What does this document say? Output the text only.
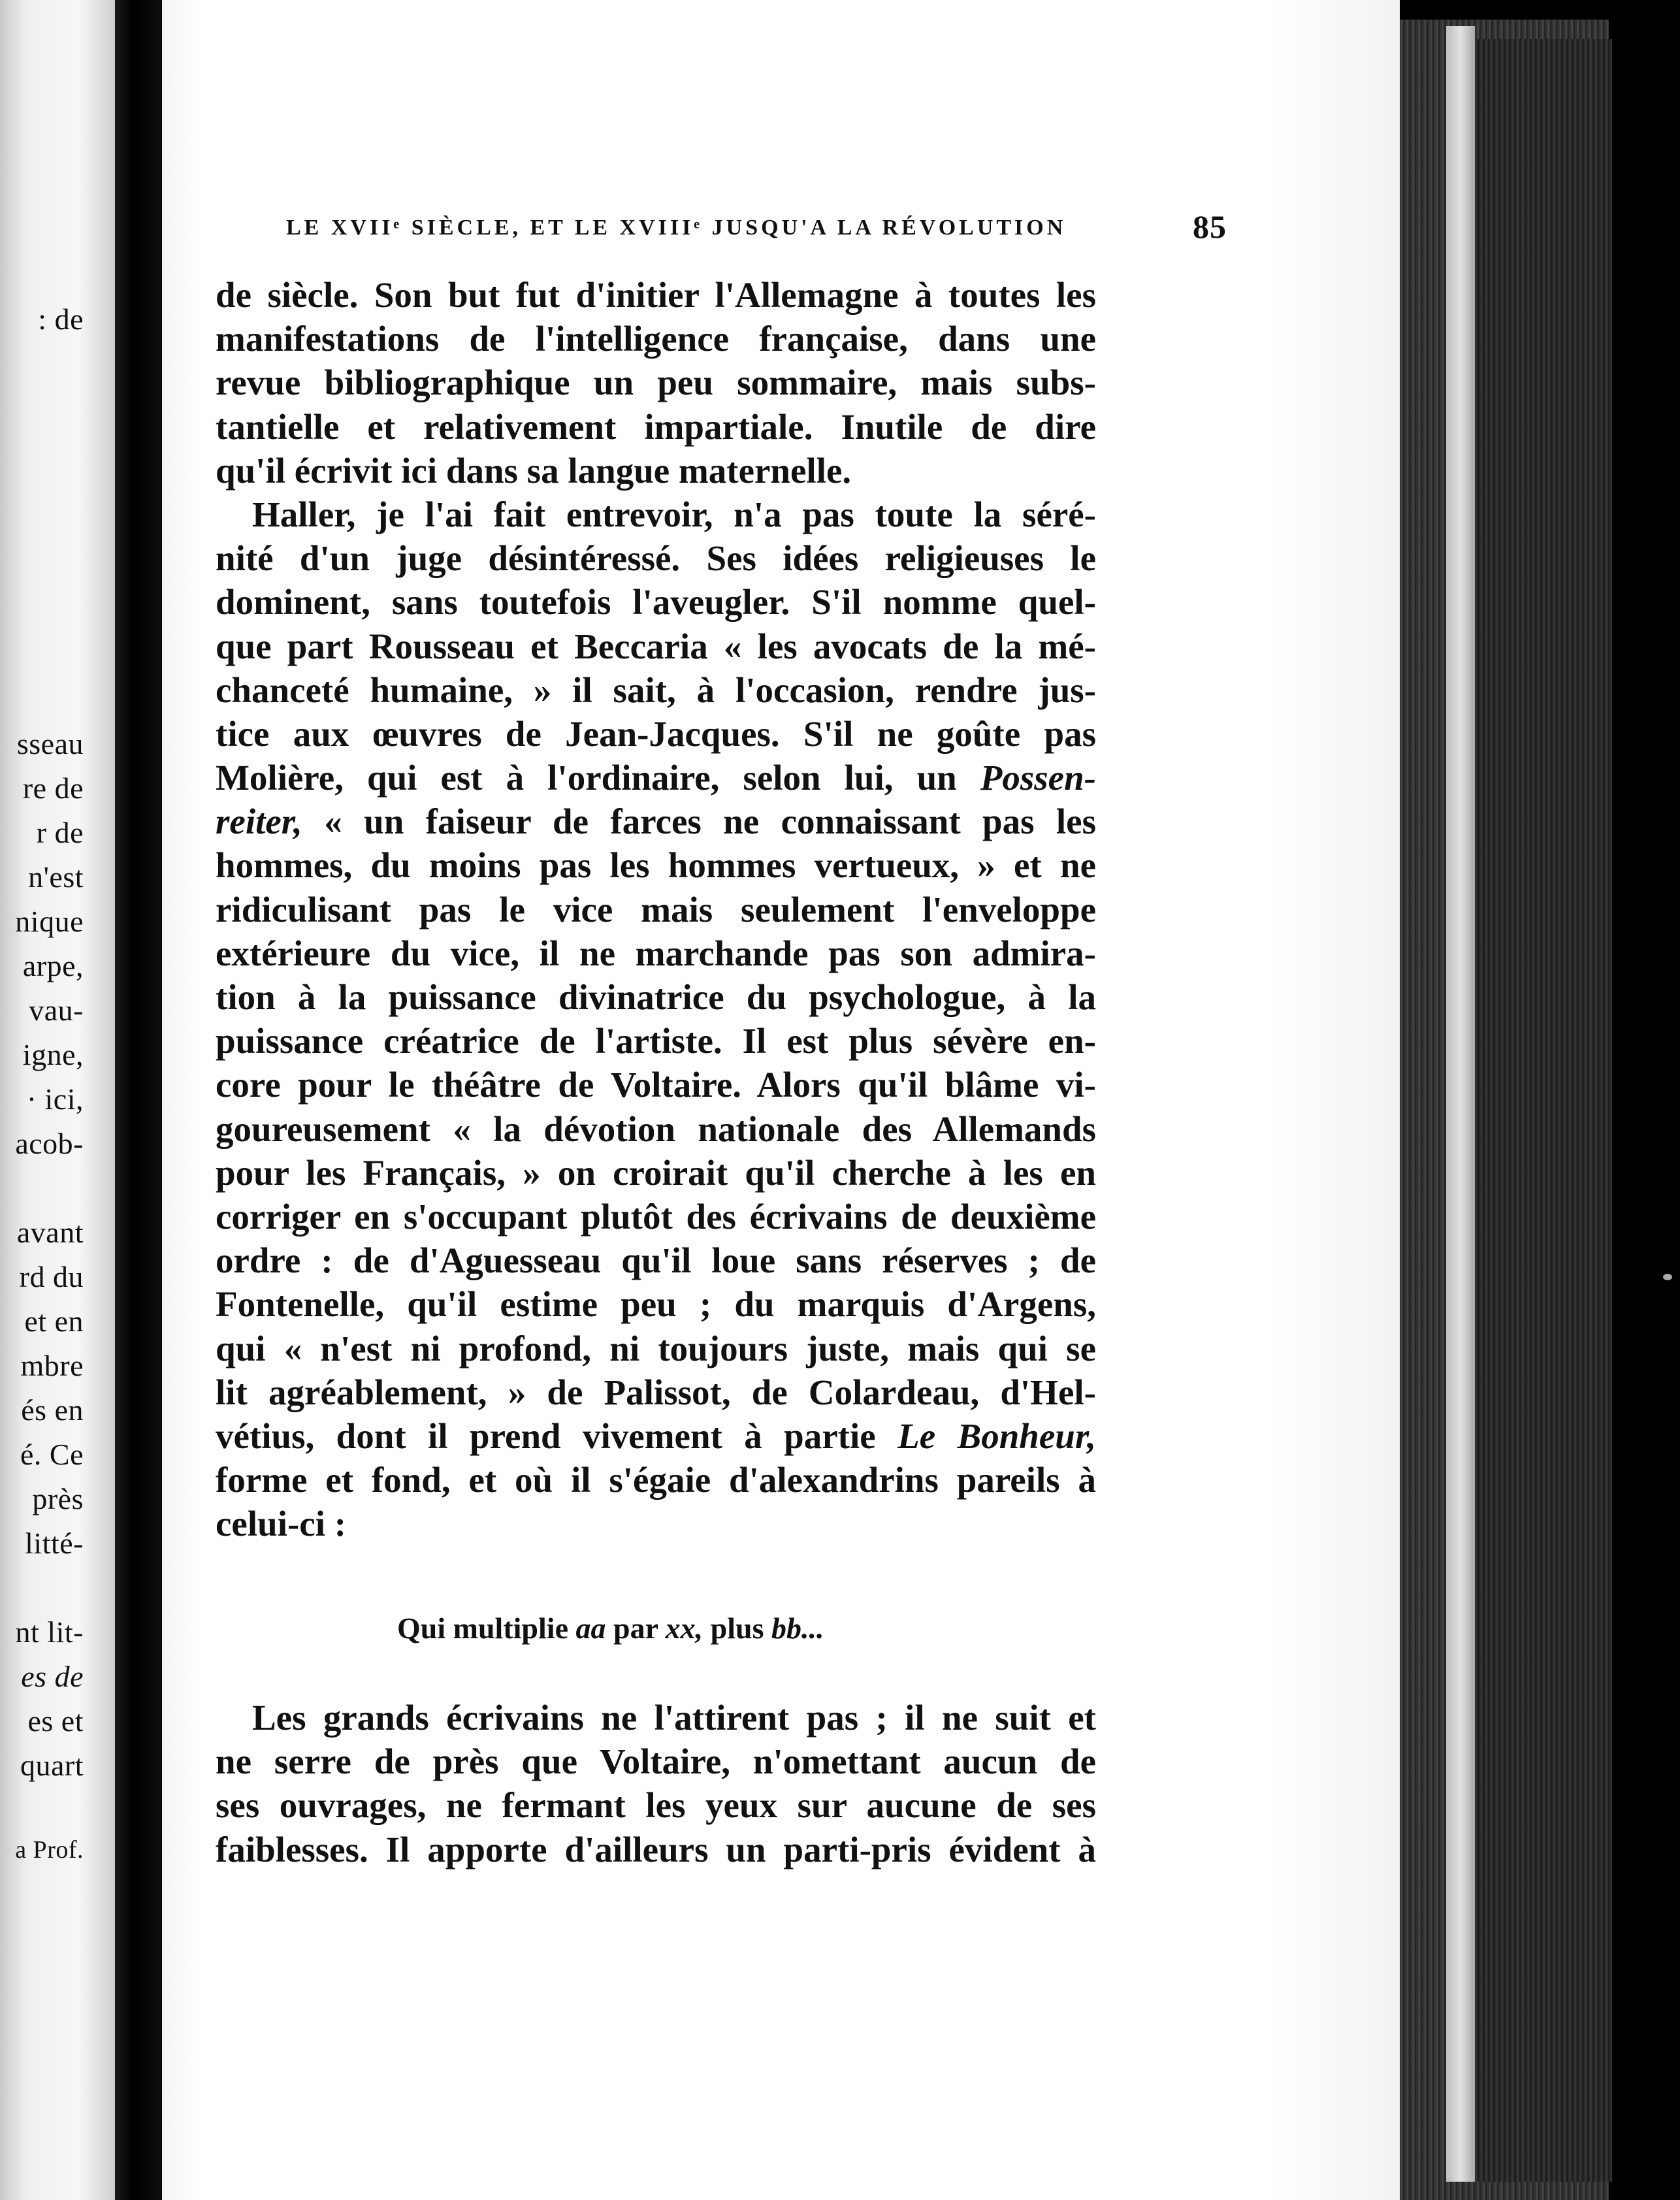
: de
sseau
re de
r de
n'est
nique
arpe,
vau-
igne,
· ici,
acob-
avant
rd du
et en
mbre
és en
é. Ce
près
litté-
nt lit-
es de
es et
quart
a Prof.
LE XVIIᵉ SIÈCLE, ET LE XVIIIᵉ JUSQU'A LA RÉVOLUTION	85
de siècle. Son but fut d'initier l'Allemagne à toutes les
manifestations de l'intelligence française, dans une
revue bibliographique un peu sommaire, mais subs-
tantielle et relativement impartiale. Inutile de dire
qu'il écrivit ici dans sa langue maternelle.
Haller, je l'ai fait entrevoir, n'a pas toute la séré-
nité d'un juge désintéressé. Ses idées religieuses le
dominent, sans toutefois l'aveugler. S'il nomme quel-
que part Rousseau et Beccaria « les avocats de la mé-
chanceté humaine, » il sait, à l'occasion, rendre jus-
tice aux œuvres de Jean-Jacques. S'il ne goûte pas
Molière, qui est à l'ordinaire, selon lui, un Possen-
reiter, « un faiseur de farces ne connaissant pas les
hommes, du moins pas les hommes vertueux, » et ne
ridiculisant pas le vice mais seulement l'enveloppe
extérieure du vice, il ne marchande pas son admira-
tion à la puissance divinatrice du psychologue, à la
puissance créatrice de l'artiste. Il est plus sévère en-
core pour le théâtre de Voltaire. Alors qu'il blâme vi-
goureusement « la dévotion nationale des Allemands
pour les Français, » on croirait qu'il cherche à les en
corriger en s'occupant plutôt des écrivains de deuxième
ordre : de d'Aguesseau qu'il loue sans réserves ; de
Fontenelle, qu'il estime peu ; du marquis d'Argens,
qui « n'est ni profond, ni toujours juste, mais qui se
lit agréablement, » de Palissot, de Colardeau, d'Hel-
vétius, dont il prend vivement à partie Le Bonheur,
forme et fond, et où il s'égaie d'alexandrins pareils à
celui-ci :
Qui multiplie aa par xx, plus bb...
Les grands écrivains ne l'attirent pas ; il ne suit et
ne serre de près que Voltaire, n'omettant aucun de
ses ouvrages, ne fermant les yeux sur aucune de ses
faiblesses. Il apporte d'ailleurs un parti-pris évident à
